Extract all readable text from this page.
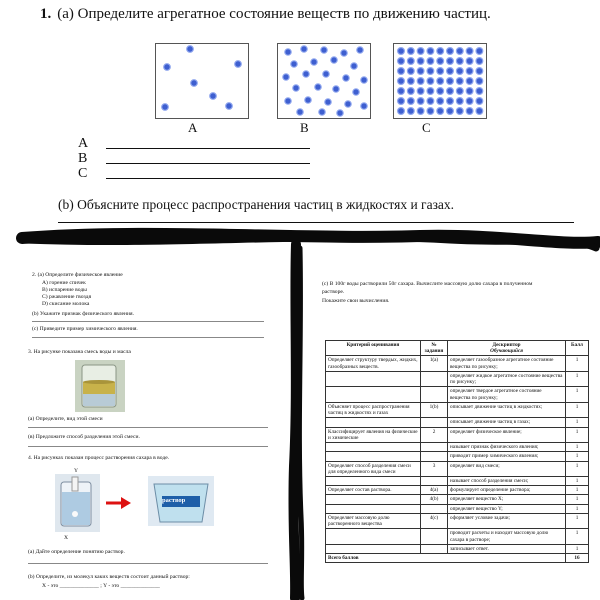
1. (a) Определите агрегатное состояние веществ по движению частиц.
A	B	C
A
B
C
(b) Объясните процесс распространения частиц в жидкостях и газах.
2. (а) Определите физическое явление
А) горение спичек
В) испарение воды
С) ржавление гвоздя
D) скисание молока
(b) Укажите признак физического явления.
(с) Приведите пример химического явления.
3. На рисунке показана смесь воды и масла
(а) Определите, вид этой смеси
(в) Предложите способ разделения этой смеси.
4. На рисунках показан процесс растворения сахара в воде.
Y
раствор
X
(а) Дайте определение понятию раствор.
(b) Определите, из молекул каких веществ состоит данный раствор:
X - это ______________ ; Y - это ______________
(с) В 100г воды растворили 50г сахара. Вычислите массовую долю сахара в полученном
растворе.
Покажите свои вычисления.
Критерий оценивания	№ задания	Дескриптор
Обучающийся	Балл
Определяет структуру твердых, жидких, газообразных веществ.	1(а)	определяет газообразное агрегатное состояние вещества по рисунку;	1
		определяет жидкое агрегатное состояние вещества по рисунку;	1
		определяет твердое агрегатное состояние вещества по рисунку;	1
Объясняет процесс распространения частиц в жидкостях и газах	1(b)	описывает движение частиц в жидкостях;	1
		описывает движение частиц в газах;	1
Классифицирует явления на физические и химические	2	определяет физическое явление;	1
		называет признак физического явления;	1
		приводит пример химического явления;	1
Определяет способ разделения смеси для определенного вида смеси	3	определяет вид смеси;	1
		называет способ разделения смеси;	1
Определяет состав раствора.	4(а)	формулирует определение раствора;	1
	4(b)	определяет вещество X;	1
		определяет вещество Y;	1
Определяет массовую долю растворенного вещества	4(с)	оформляет условие задачи;	1
		проводит расчеты и находит массовую долю сахара в растворе;	1
		записывает ответ.	1
Всего баллов			16
